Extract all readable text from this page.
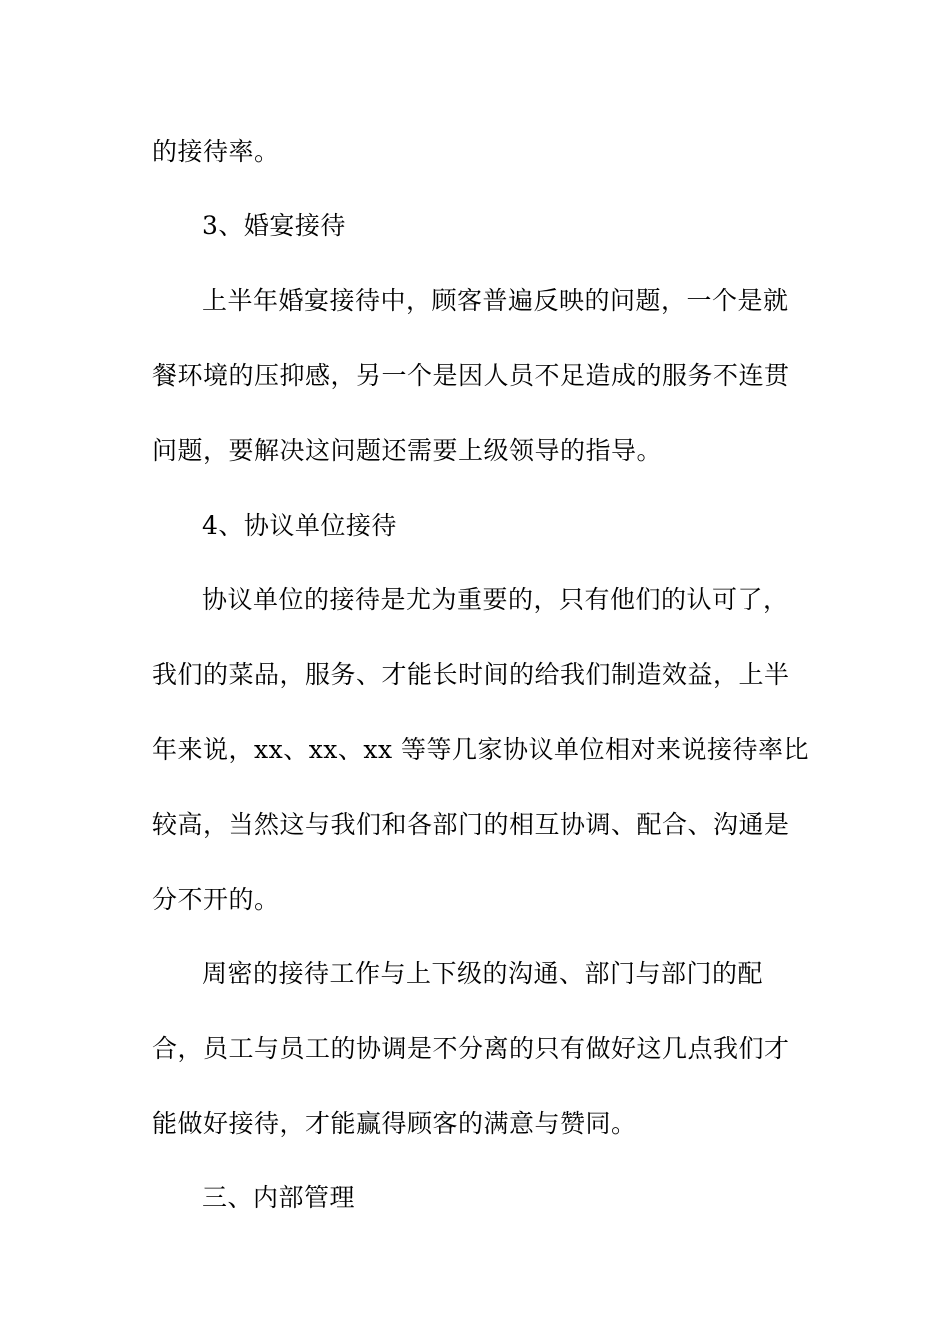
的接待率。
3、婚宴接待
上半年婚宴接待中，顾客普遍反映的问题，一个是就
餐环境的压抑感，另一个是因人员不足造成的服务不连贯
问题，要解决这问题还需要上级领导的指导。
4、协议单位接待
协议单位的接待是尤为重要的，只有他们的认可了，
我们的菜品，服务、才能长时间的给我们制造效益，上半
年来说，xx、xx、xx 等等几家协议单位相对来说接待率比
较高，当然这与我们和各部门的相互协调、配合、沟通是
分不开的。
周密的接待工作与上下级的沟通、部门与部门的配
合，员工与员工的协调是不分离的只有做好这几点我们才
能做好接待，才能赢得顾客的满意与赞同。
三、内部管理
